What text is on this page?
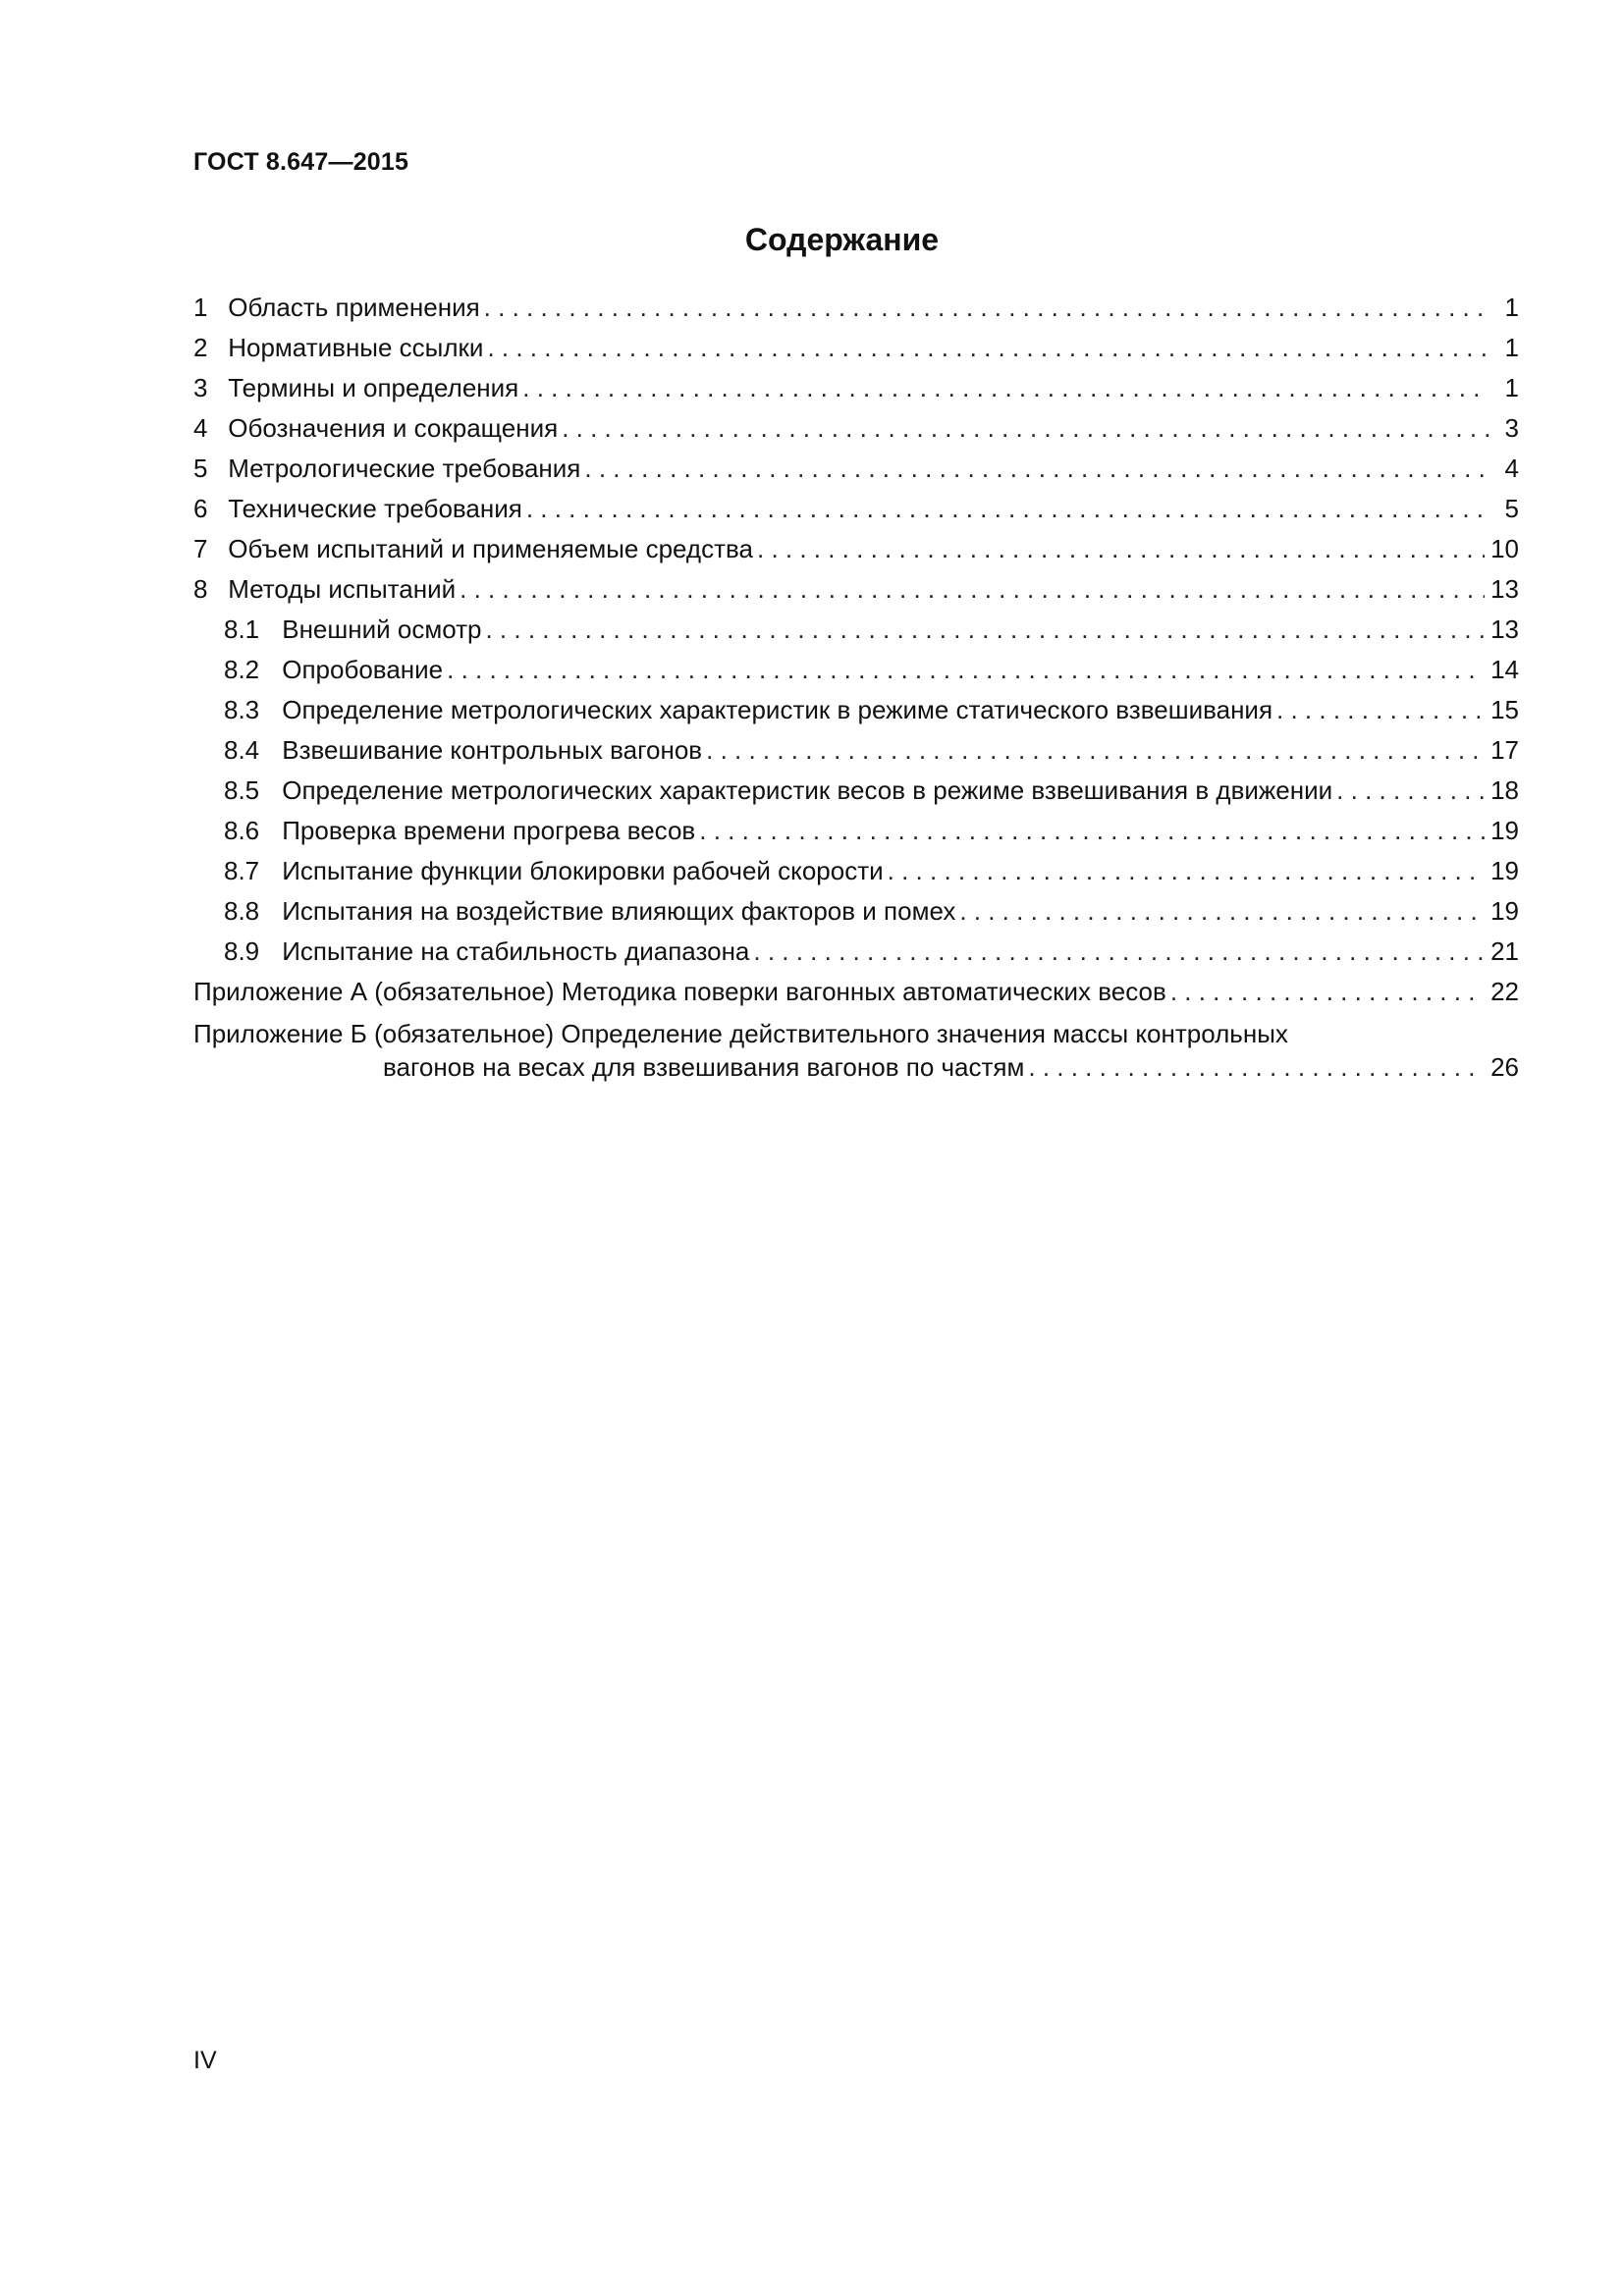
ГОСТ 8.647—2015
Содержание
1 Область применения . . .	1
2 Нормативные ссылки . . .	1
3 Термины и определения . . .	1
4 Обозначения и сокращения . . .	3
5 Метрологические требования . . .	4
6 Технические требования . . .	5
7 Объем испытаний и применяемые средства . . .	10
8 Методы испытаний . . .	13
8.1 Внешний осмотр . . .	13
8.2 Опробование . . .	14
8.3 Определение метрологических характеристик в режиме статического взвешивания . . .	15
8.4 Взвешивание контрольных вагонов . . .	17
8.5 Определение метрологических характеристик весов в режиме взвешивания в движении . . .	18
8.6 Проверка времени прогрева весов . . .	19
8.7 Испытание функции блокировки рабочей скорости . . .	19
8.8 Испытания на воздействие влияющих факторов и помех . . .	19
8.9 Испытание на стабильность диапазона . . .	21
Приложение А (обязательное) Методика поверки вагонных автоматических весов . . .	22
Приложение Б (обязательное) Определение действительного значения массы контрольных
вагонов на весах для взвешивания вагонов по частям . . .	26
IV
